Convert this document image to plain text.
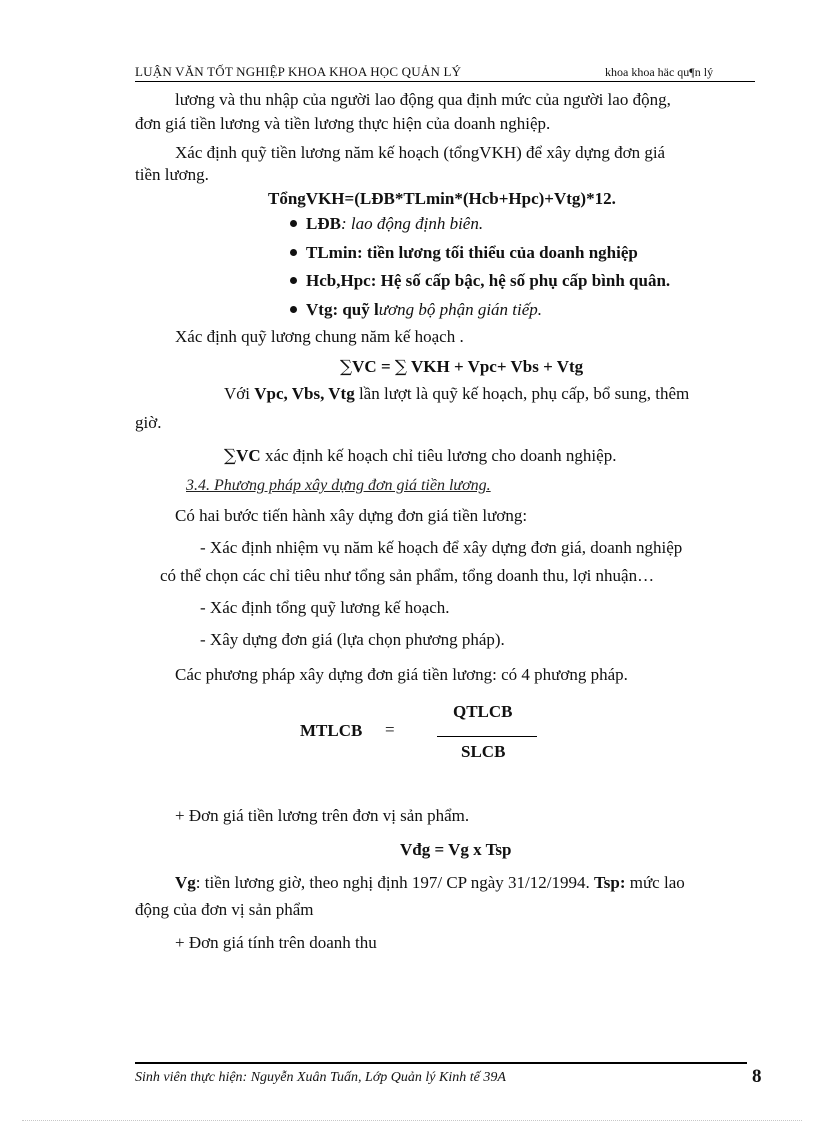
LUẬN VĂN TỐT NGHIỆP KHOA KHOA HỌC QUẢN LÝ	khoa khoa häc qu¶n lý
lương và thu nhập của người lao động qua định mức của người lao động,
đơn giá tiền lương và tiền lương thực hiện của doanh nghiệp.
Xác định quỹ tiền lương năm kế hoạch (tổngVKH) để xây dựng đơn giá
tiền lương.
TổngVKH=(LĐB*TLmin*(Hcb+Hpc)+Vtg)*12.
LĐB: lao động định biên.
TLmin: tiền lương tối thiểu của doanh nghiệp
Hcb,Hpc: Hệ số cấp bậc, hệ số phụ cấp bình quân.
Vtg: quỹ lương bộ phận gián tiếp.
Xác định quỹ lương chung năm kế hoạch .
∑VC = ∑ VKH + Vpc+ Vbs + Vtg
Với Vpc, Vbs, Vtg lần lượt là quỹ kế hoạch, phụ cấp, bổ sung, thêm
giờ.
∑VC xác định kế hoạch chỉ tiêu lương cho doanh nghiệp.
3.4. Phương pháp xây dựng đơn giá tiền lương.
Có hai bước tiến hành xây dựng đơn giá tiền lương:
- Xác định nhiệm vụ năm kế hoạch để xây dựng đơn giá, doanh nghiệp
có thể chọn các chỉ tiêu như tổng sản phẩm, tổng doanh thu, lợi nhuận…
- Xác định tổng quỹ lương kế hoạch.
- Xây dựng đơn giá (lựa chọn phương pháp).
Các phương pháp xây dựng đơn giá tiền lương: có 4 phương pháp.
MTLCB =
QTLCB
SLCB
+ Đơn giá tiền lương trên đơn vị sản phẩm.
Vđg = Vg x Tsp
Vg: tiền lương giờ, theo nghị định 197/ CP ngày 31/12/1994. Tsp: mức lao
động của đơn vị sản phẩm
+ Đơn giá tính trên doanh thu
Sinh viên thực hiện: Nguyễn Xuân Tuấn, Lớp Quản lý Kinh tế 39A	8
